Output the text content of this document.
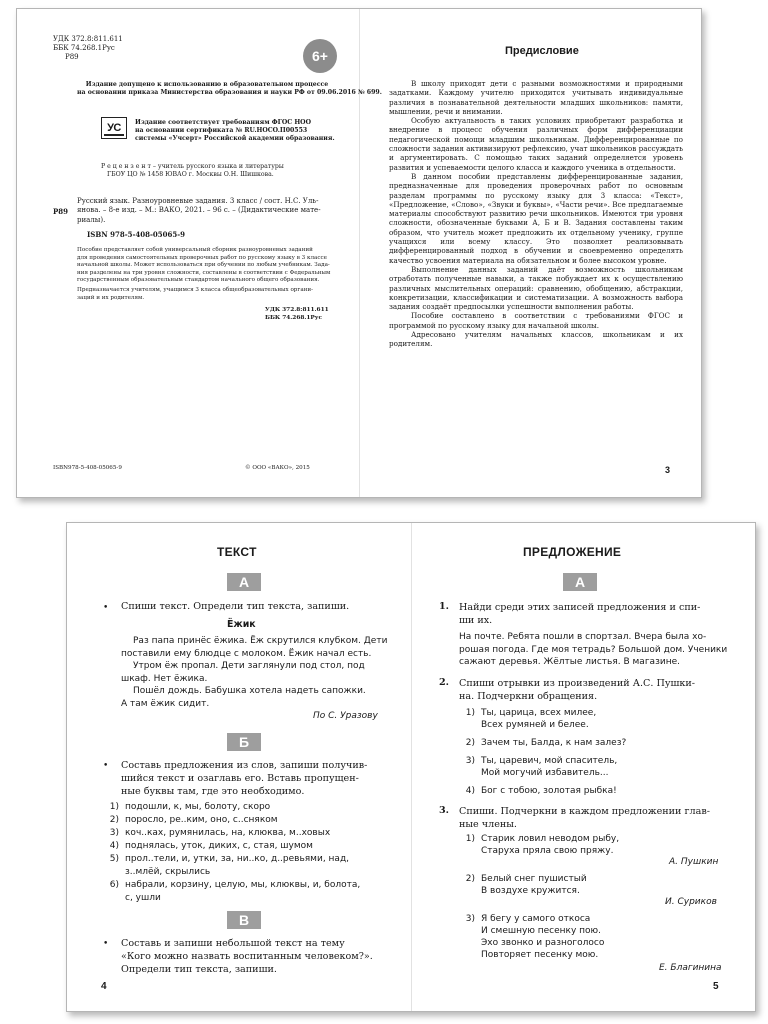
УДК 372.8:811.611
ББК 74.268.1Рус
Р89	6+
Издание допущено к использованию в образовательном процессе
на основании приказа Министерства образования и науки РФ от 09.06.2016 № 699.
УС Издание соответствует требованиям ФГОС НОО
на основании сертификата № RU.HOCO.П00553
системы «Учсерт» Российской академии образования.
Р е ц е н з е н т – учитель русского языка и литературы
ГБОУ ЦО № 1458 ЮВАО г. Москвы О.Н. Шишкова.
Р89
Русский язык. Разноуровневые задания. 3 класс / сост. Н.С. Уль-
янова. – 8-е изд. – М.: ВАКО, 2021. – 96 с. – (Дидактические мате-
риалы).
ISBN 978-5-408-05065-9
Пособие представляет собой универсальный сборник разноуровневых заданий
для проведения самостоятельных проверочных работ по русскому языку в 3 классе
начальной школы. Может использоваться при обучении по любым учебникам. Зада-
ния разделены на три уровня сложности, составлены в соответствии с Федеральным
государственным образовательным стандартом начального общего образования.
Предназначается учителям, учащимся 3 класса общеобразовательных органи-
заций и их родителям.
УДК 372.8:811.611
ББК 74.268.1Рус
ISBN978-5-408-05065-9	© ООО «ВАКО», 2015
Предисловие

В школу приходят дети с разными возможностями и природными задатками. Каждому учителю приходится учитывать индивидуальные различия в познавательной деятельности младших школьников: памяти, мышлении, речи и внимании.

Особую актуальность в таких условиях приобретают разработка и внедрение в процесс обучения различных форм дифференциации педагогической помощи младшим школьникам. Дифференцированные по сложности задания активизируют рефлексию, учат школьников рассуждать и аргументировать. С помощью таких заданий определяется уровень развития и успеваемости целого класса и каждого ученика в отдельности.

В данном пособии представлены дифференцированные задания, предназначенные для проведения проверочных работ по основным разделам программы по русскому языку для 3 класса: «Текст», «Предложение, «Слово», «Звуки и буквы», «Части речи». Все предлагаемые материалы способствуют развитию речи школьников. Имеются три уровня сложности, обозначенные буквами А, Б и В. Задания составлены таким образом, что учитель может предложить их отдельному ученику, группе учащихся или всему классу. Это позволяет реализовывать дифференцированный подход в обучении и своевременно определять качество усвоения материала на обязательном и более высоком уровне.

Выполнение данных заданий даёт возможность школьникам отработать полученные навыки, а также побуждает их к осуществлению различных мыслительных операций: сравнению, обобщению, абстракции, конкретизации, классификации и систематизации. А возможность выбора задания создаёт предпосылки успешности выполнения работы.

Пособие составлено в соответствии с требованиями ФГОС и программой по русскому языку для начальной школы.

Адресовано учителям начальных классов, школьникам и их родителям.

3
ТЕКСТ
А
• Спиши текст. Определи тип текста, запиши.
Ёжик
Раз папа принёс ёжика. Ёж скрутился клубком. Дети
поставили ему блюдце с молоком. Ёжик начал есть.
Утром ёж пропал. Дети заглянули под стол, под
шкаф. Нет ёжика.
Пошёл дождь. Бабушка хотела надеть сапожки.
А там ёжик сидит.
По С. Уразову
Б
• Составь предложения из слов, запиши получив-
шийся текст и озаглавь его. Вставь пропущен-
ные буквы там, где это необходимо.
1) подошли, к, мы, болоту, скоро
2) поросло, ре..ким, оно, с..сняком
3) коч..ках, румянилась, на, клюква, м..ховых
4) поднялась, уток, диких, с, стая, шумом
5) прол..тели, и, утки, за, ни..ко, д..ревьями, над,
з..млёй, скрылись
6) набрали, корзину, целую, мы, клюквы, и, болота,
с, ушли
В
• Составь и запиши небольшой текст на тему
«Кого можно назвать воспитанным человеком?».
Определи тип текста, запиши.
4
ПРЕДЛОЖЕНИЕ
А
1. Найди среди этих записей предложения и спи-
ши их.
На почте. Ребята пошли в спортзал. Вчера была хо-
рошая погода. Где моя тетрадь? Большой дом. Ученики
сажают деревья. Жёлтые листья. В магазине.
2. Спиши отрывки из произведений А.С. Пушки-
на. Подчеркни обращения.
1) Ты, царица, всех милее,
Всех румяней и белее.
2) Зачем ты, Балда, к нам залез?
3) Ты, царевич, мой спаситель,
Мой могучий избавитель...
4) Бог с тобою, золотая рыбка!
3. Спиши. Подчеркни в каждом предложении глав-
ные члены.
1) Старик ловил неводом рыбу,
Старуха пряла свою пряжу.
А. Пушкин
2) Белый снег пушистый
В воздухе кружится.
И. Суриков
3) Я бегу у самого откоса
И смешную песенку пою.
Эхо звонко и разноголосо
Повторяет песенку мою.
Е. Благинина
5
